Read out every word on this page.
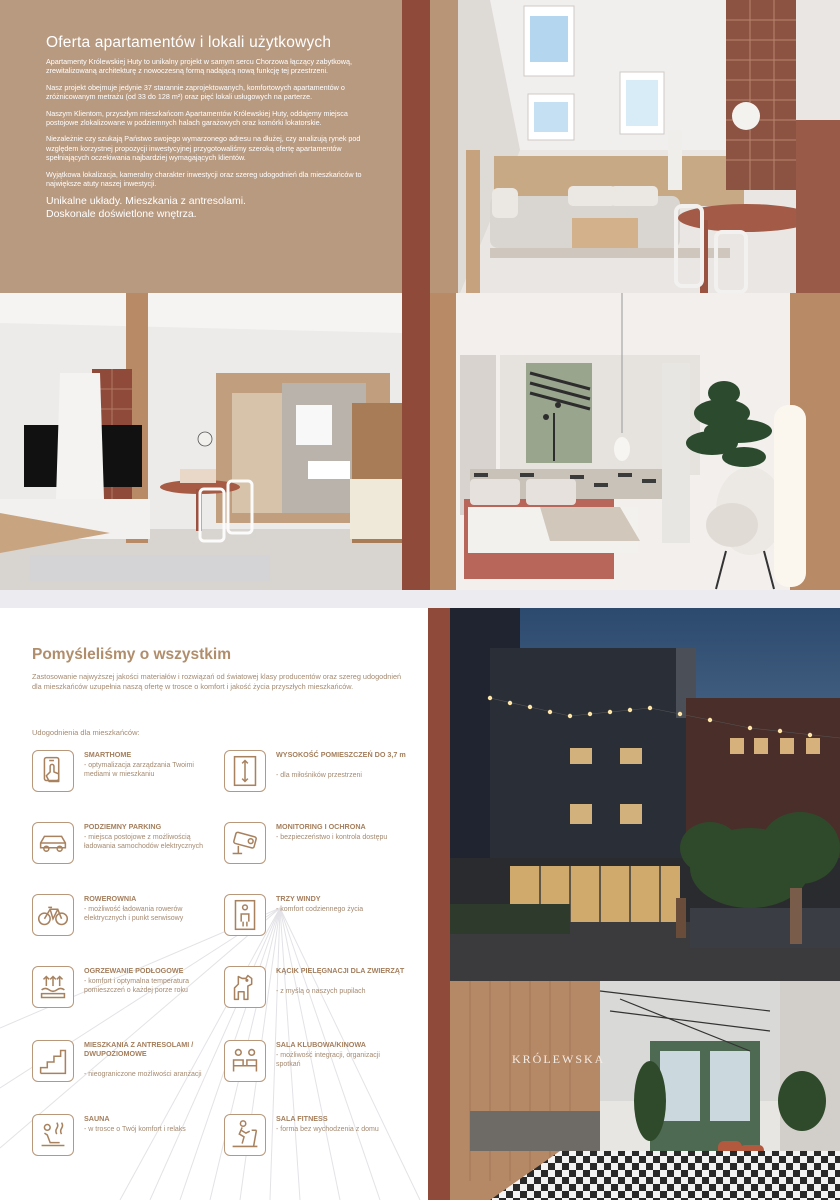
Oferta apartamentów i lokali użytkowych

Apartamenty Królewskiej Huty to unikalny projekt w samym sercu Chorzowa łączący zabytkową, zrewitalizowaną architekturę z nowoczesną formą nadającą nową funkcję tej przestrzeni.

Nasz projekt obejmuje jedynie 37 starannie zaprojektowanych, komfortowych apartamentów o zróżnicowanym metrażu (od 33 do 128 m²) oraz pięć lokali usługowych na parterze.

Naszym Klientom, przyszłym mieszkańcom Apartamentów Królewskiej Huty, oddajemy miejsca postojowe zlokalizowane w podziemnych halach garażowych oraz komórki lokatorskie.

Niezależnie czy szukają Państwo swojego wymarzonego adresu na dłużej, czy analizują rynek pod względem korzystnej propozycji inwestycyjnej przygotowaliśmy szeroką ofertę apartamentów spełniających oczekiwania najbardziej wymagających klientów.

Wyjątkowa lokalizacja, kameralny charakter inwestycji oraz szereg udogodnień dla mieszkańców to największe atuty naszej inwestycji.

Unikalne układy. Mieszkania z antresolami.
Doskonale doświetlone wnętrza.

Pomyśleliśmy o wszystkim

Zastosowanie najwyższej jakości materiałów i rozwiązań od światowej klasy producentów oraz szereg udogodnień dla mieszkańców uzupełnia naszą ofertę w trosce o komfort i jakość życia przyszłych mieszkańców.

Udogodnienia dla mieszkańców:

SMARTHOME
- optymalizacja zarządzania Twoimi mediami w mieszkaniu
WYSOKOŚĆ POMIESZCZEŃ DO 3,7 m
- dla miłośników przestrzeni
PODZIEMNY PARKING
- miejsca postojowe z możliwością ładowania samochodów elektrycznych
MONITORING I OCHRONA
- bezpieczeństwo i kontrola dostępu
ROWEROWNIA
- możliwość ładowania rowerów elektrycznych i punkt serwisowy
TRZY WINDY
- komfort codziennego życia
OGRZEWANIE PODŁOGOWE
- komfort i optymalna temperatura pomieszczeń o każdej porze roku
KĄCIK PIELĘGNACJI DLA ZWIERZĄT
- z myślą o naszych pupilach
MIESZKANIA Z ANTRESOLAMI / DWUPOZIOMOWE
- nieograniczone możliwości aranżacji
SALA KLUBOWA/KINOWA
- możliwość integracji, organizacji spotkań
SAUNA
- w trosce o Twój komfort i relaks
SALA FITNESS
- forma bez wychodzenia z domu
KRÓLEWSKA
